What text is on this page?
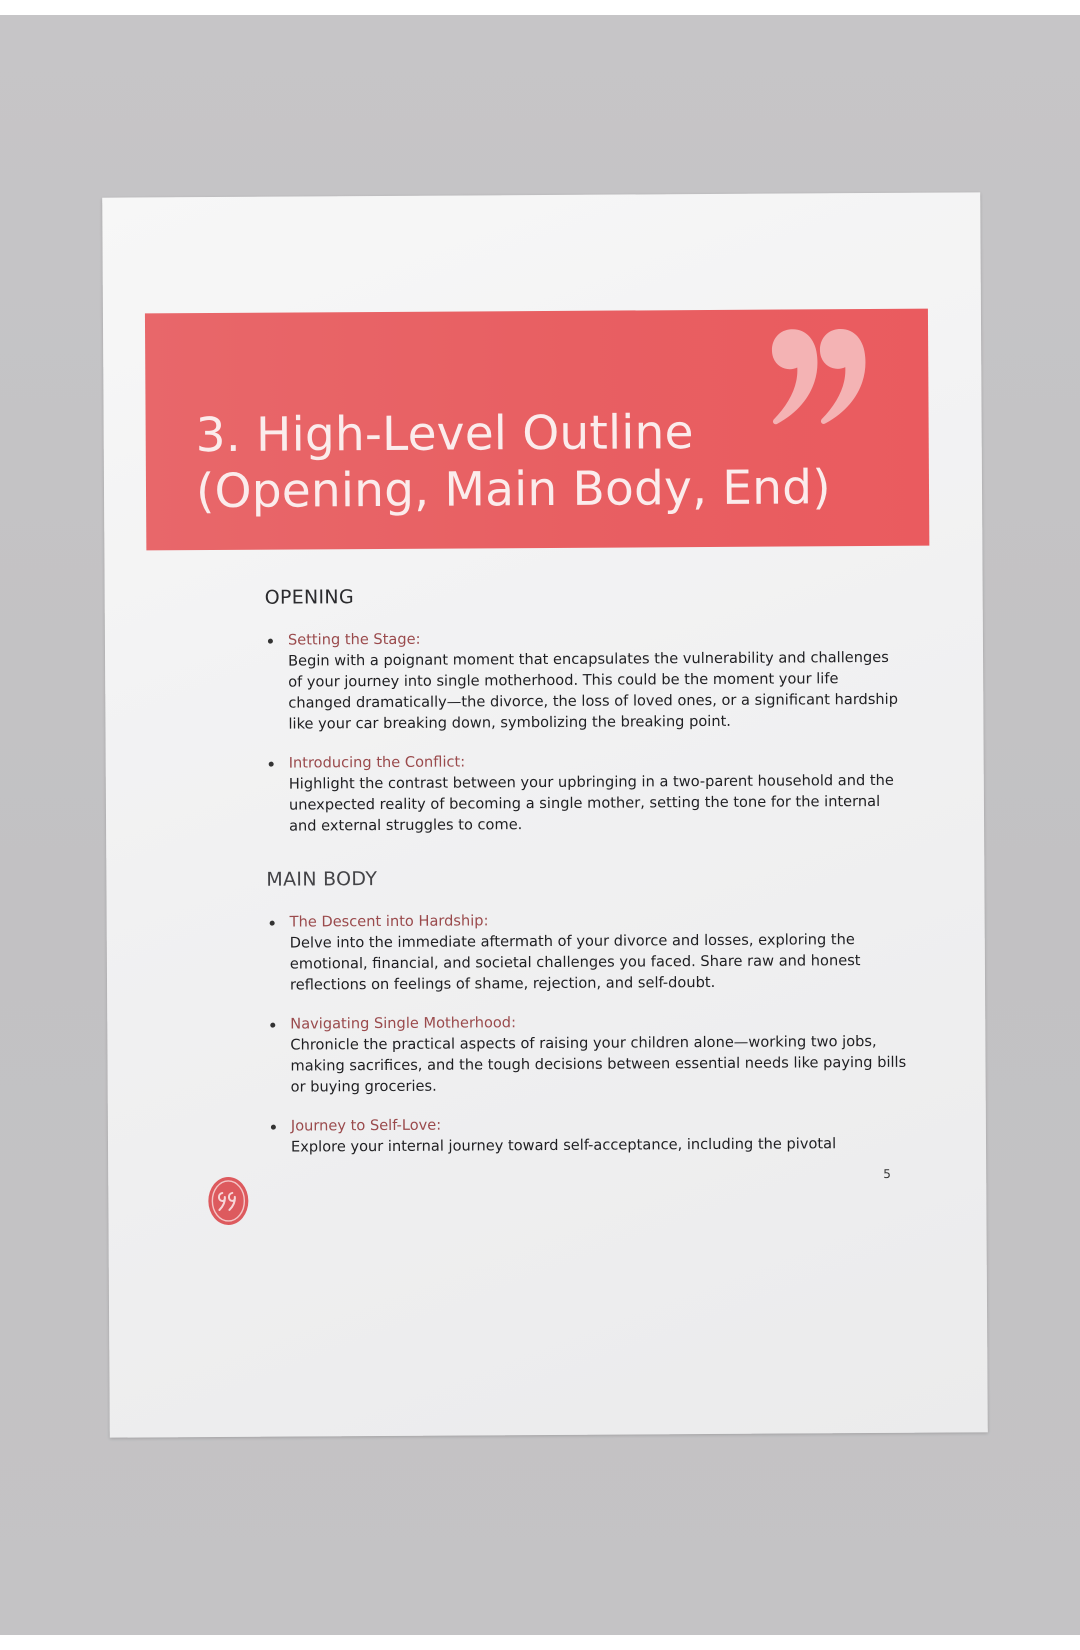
3. High-Level Outline
(Opening, Main Body, End)
OPENING
Setting the Stage:
Begin with a poignant moment that encapsulates the vulnerability and challenges of your journey into single motherhood. This could be the moment your life changed dramatically—the divorce, the loss of loved ones, or a significant hardship like your car breaking down, symbolizing the breaking point.
Introducing the Conflict:
Highlight the contrast between your upbringing in a two-parent household and the unexpected reality of becoming a single mother, setting the tone for the internal and external struggles to come.
MAIN BODY
The Descent into Hardship:
Delve into the immediate aftermath of your divorce and losses, exploring the emotional, financial, and societal challenges you faced. Share raw and honest reflections on feelings of shame, rejection, and self-doubt.
Navigating Single Motherhood:
Chronicle the practical aspects of raising your children alone—working two jobs, making sacrifices, and the tough decisions between essential needs like paying bills or buying groceries.
Journey to Self-Love:
Explore your internal journey toward self-acceptance, including the pivotal
5
